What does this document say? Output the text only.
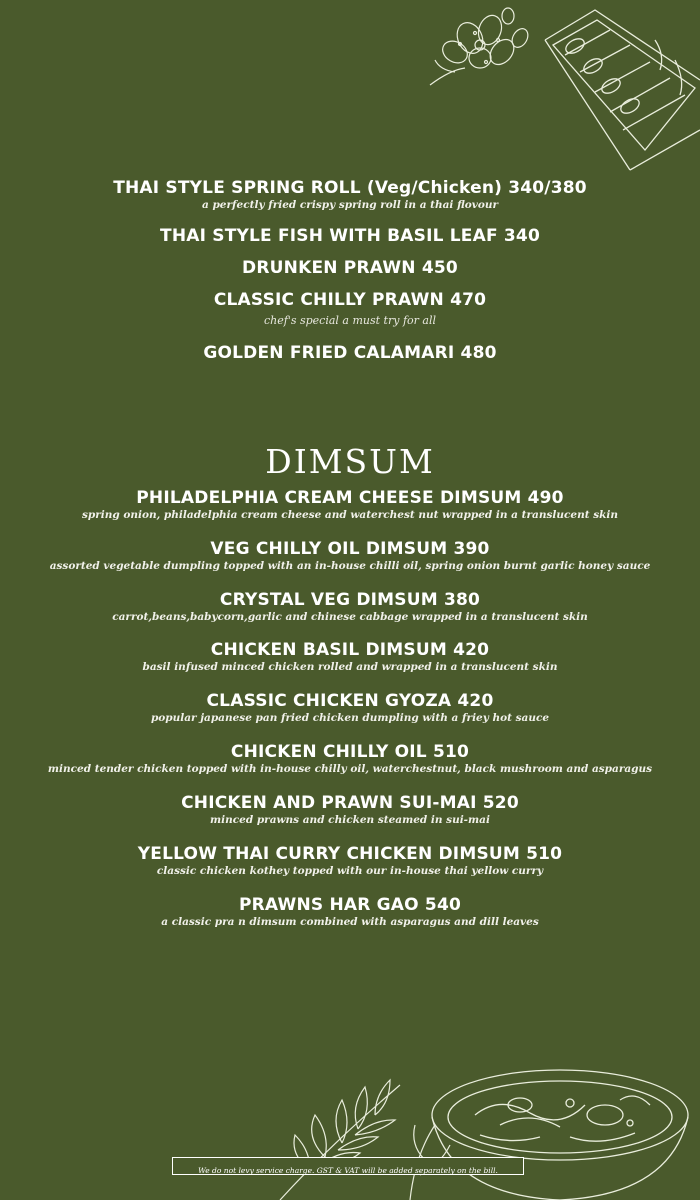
THAI STYLE SPRING ROLL (Veg/Chicken) 340/380
a perfectly fried crispy spring roll in a thai flovour
THAI STYLE FISH WITH BASIL LEAF 340
DRUNKEN PRAWN 450
CLASSIC CHILLY PRAWN 470
chef's special a must try for all
GOLDEN FRIED CALAMARI 480
DIMSUM
PHILADELPHIA CREAM CHEESE DIMSUM 490
spring onion, philadelphia cream cheese and waterchest nut wrapped in a translucent skin
VEG CHILLY OIL DIMSUM 390
assorted vegetable dumpling topped with an in-house chilli oil, spring onion burnt garlic honey sauce
CRYSTAL VEG DIMSUM 380
carrot,beans,babycorn,garlic and chinese cabbage wrapped in a translucent skin
CHICKEN BASIL DIMSUM 420
basil infused minced chicken rolled and wrapped in a translucent skin
CLASSIC CHICKEN GYOZA 420
popular japanese pan fried chicken dumpling with a friey hot sauce
CHICKEN CHILLY OIL 510
minced tender chicken topped with in-house chilly oil, waterchestnut, black mushroom and asparagus
CHICKEN AND PRAWN SUI-MAI 520
minced prawns and chicken steamed in sui-mai
YELLOW THAI CURRY CHICKEN DIMSUM 510
classic chicken kothey topped with our in-house thai yellow curry
PRAWNS HAR GAO 540
a classic pra n dimsum combined with asparagus and dill leaves
We do not levy service charge. GST & VAT will be added separately on the bill.
